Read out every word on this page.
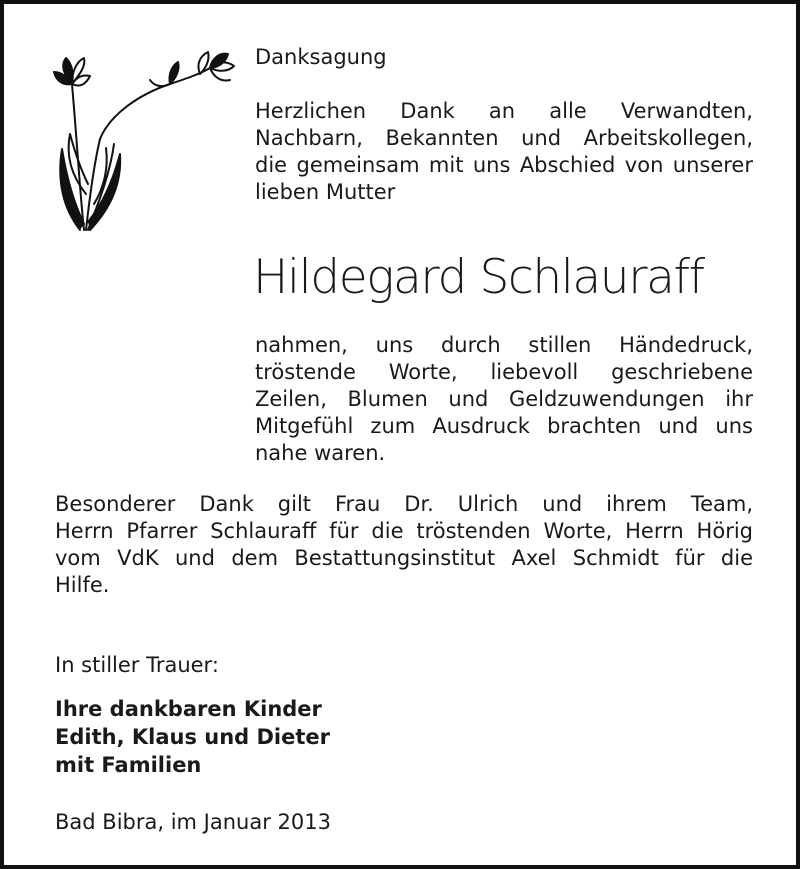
Danksagung
Herzlichen Dank an alle Verwandten,
Nachbarn, Bekannten und Arbeitskollegen,
die gemeinsam mit uns Abschied von unserer
lieben Mutter
Hildegard Schlauraff
nahmen, uns durch stillen Händedruck,
tröstende Worte, liebevoll geschriebene
Zeilen, Blumen und Geldzuwendungen ihr
Mitgefühl zum Ausdruck brachten und uns
nahe waren.
Besonderer Dank gilt Frau Dr. Ulrich und ihrem Team,
Herrn Pfarrer Schlauraff für die tröstenden Worte, Herrn Hörig
vom VdK und dem Bestattungsinstitut Axel Schmidt für die
Hilfe.
In stiller Trauer:
Ihre dankbaren Kinder
Edith, Klaus und Dieter
mit Familien
Bad Bibra, im Januar 2013
